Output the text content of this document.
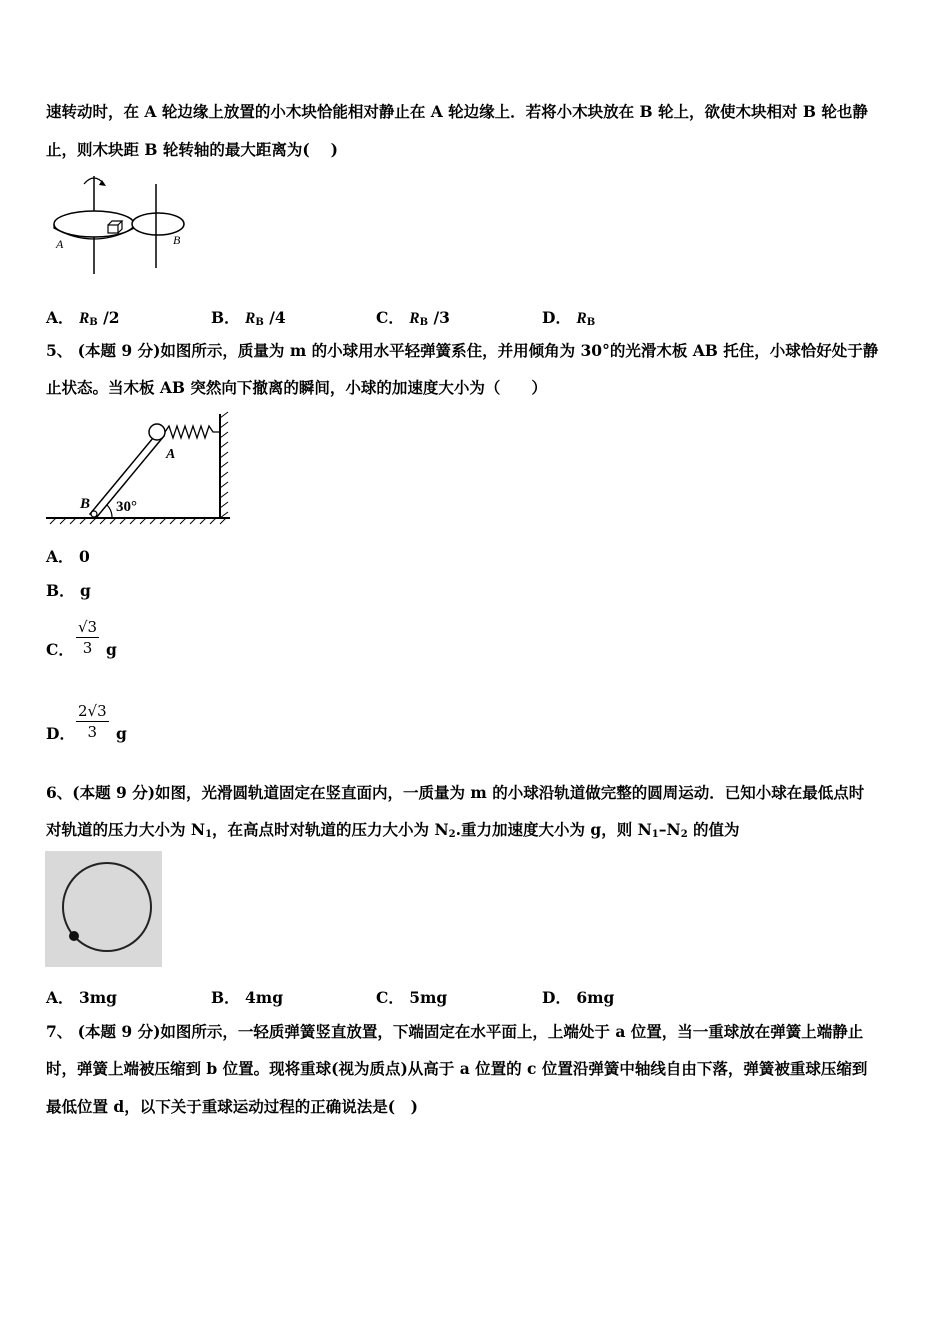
速转动时，在 A 轮边缘上放置的小木块恰能相对静止在 A 轮边缘上．若将小木块放在 B 轮上，欲使木块相对 B 轮也静
止，则木块距 B 轮转轴的最大距离为(　 )
A	B
A． $R_B$ /2	B． $R_B$ /4	C． $R_B$ /3	D． $R_B$
5、 (本题 9 分)如图所示，质量为 m 的小球用水平轻弹簧系住，并用倾角为 30°的光滑木板 AB 托住，小球恰好处于静
止状态。当木板 AB 突然向下撤离的瞬间，小球的加速度大小为（　　）
A
B 30°
A． 0
B． g
C． $\frac{√3}{3}$ g
D． $\frac{2√3}{3}$ g
6、(本题 9 分)如图，光滑圆轨道固定在竖直面内，一质量为 m 的小球沿轨道做完整的圆周运动．已知小球在最低点时
对轨道的压力大小为 $N_1$，在高点时对轨道的压力大小为 $N_2$.重力加速度大小为 g，则 $N_1-N_2$ 的值为
A． 3mg	B． 4mg	C． 5mg	D． 6mg
7、 (本题 9 分)如图所示，一轻质弹簧竖直放置，下端固定在水平面上，上端处于 a 位置，当一重球放在弹簧上端静止
时，弹簧上端被压缩到 b 位置。现将重球(视为质点)从高于 a 位置的 c 位置沿弹簧中轴线自由下落，弹簧被重球压缩到
最低位置 d，以下关于重球运动过程的正确说法是(　)
